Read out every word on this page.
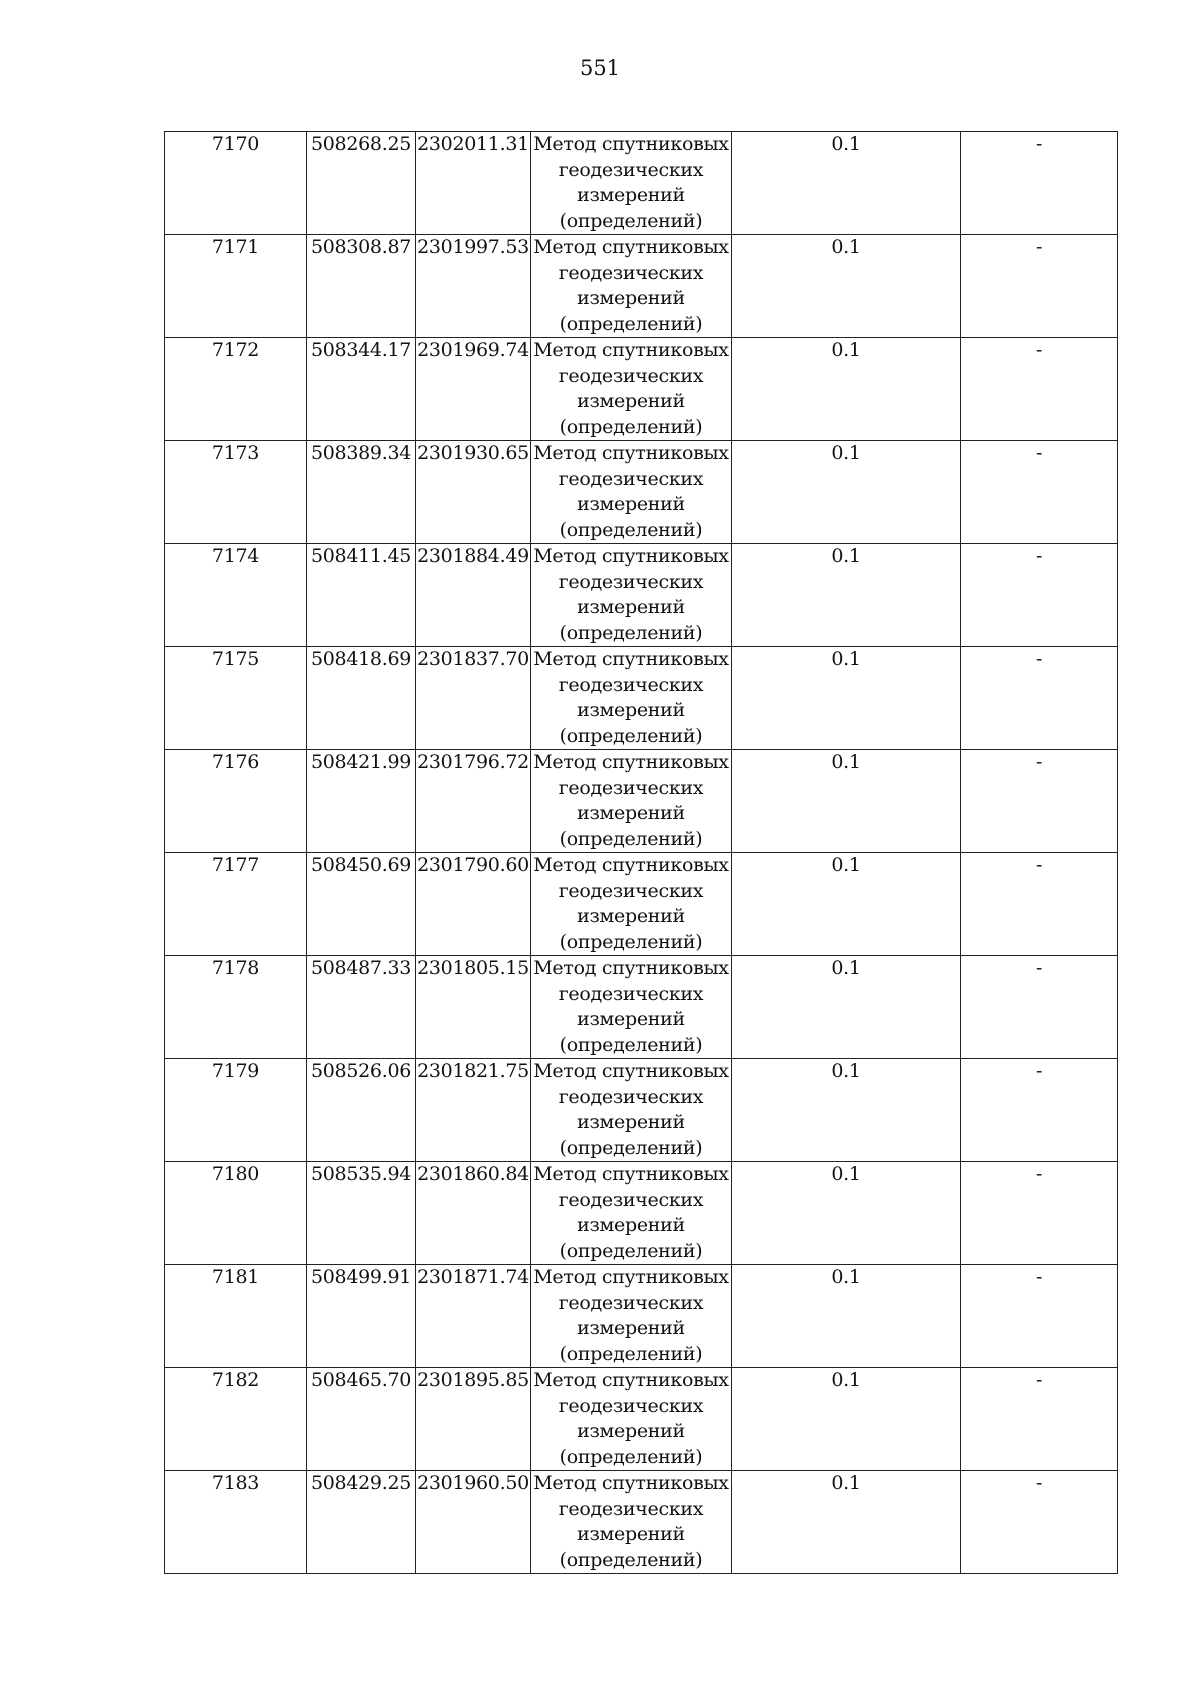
551
7170	508268.25	2302011.31	Метод спутниковых
геодезических
измерений
(определений)	0.1	-
7171	508308.87	2301997.53	Метод спутниковых
геодезических
измерений
(определений)	0.1	-
7172	508344.17	2301969.74	Метод спутниковых
геодезических
измерений
(определений)	0.1	-
7173	508389.34	2301930.65	Метод спутниковых
геодезических
измерений
(определений)	0.1	-
7174	508411.45	2301884.49	Метод спутниковых
геодезических
измерений
(определений)	0.1	-
7175	508418.69	2301837.70	Метод спутниковых
геодезических
измерений
(определений)	0.1	-
7176	508421.99	2301796.72	Метод спутниковых
геодезических
измерений
(определений)	0.1	-
7177	508450.69	2301790.60	Метод спутниковых
геодезических
измерений
(определений)	0.1	-
7178	508487.33	2301805.15	Метод спутниковых
геодезических
измерений
(определений)	0.1	-
7179	508526.06	2301821.75	Метод спутниковых
геодезических
измерений
(определений)	0.1	-
7180	508535.94	2301860.84	Метод спутниковых
геодезических
измерений
(определений)	0.1	-
7181	508499.91	2301871.74	Метод спутниковых
геодезических
измерений
(определений)	0.1	-
7182	508465.70	2301895.85	Метод спутниковых
геодезических
измерений
(определений)	0.1	-
7183	508429.25	2301960.50	Метод спутниковых
геодезических
измерений
(определений)	0.1	-
